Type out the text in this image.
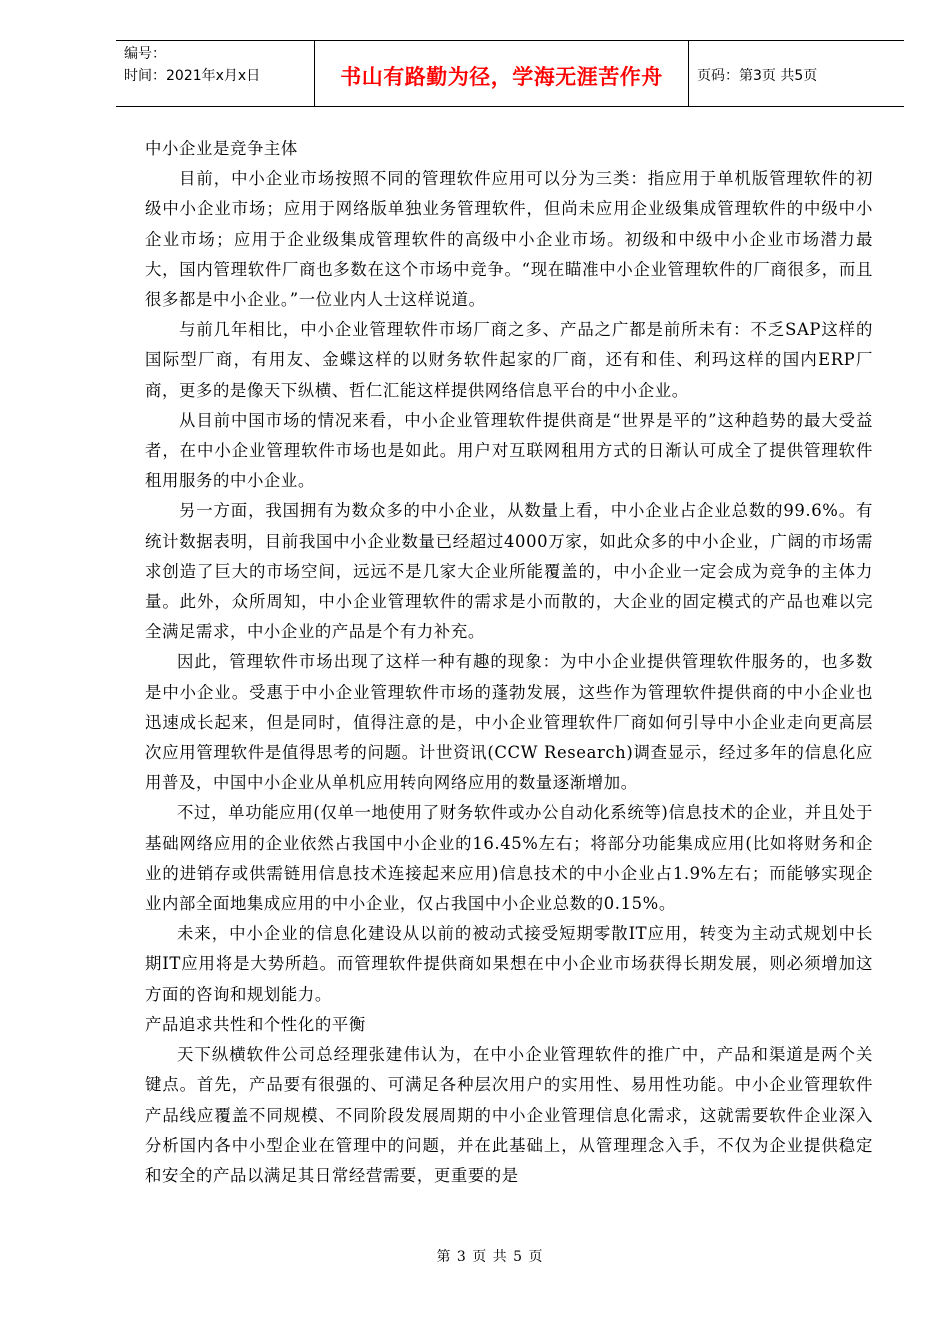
编号：
时间：2021年x月x日	书山有路勤为径，学海无涯苦作舟	页码：第3页 共5页

中小企业是竞争主体

目前，中小企业市场按照不同的管理软件应用可以分为三类：指应用于单机版管理软件的初级中小企业市场；应用于网络版单独业务管理软件，但尚未应用企业级集成管理软件的中级中小企业市场；应用于企业级集成管理软件的高级中小企业市场。初级和中级中小企业市场潜力最大，国内管理软件厂商也多数在这个市场中竞争。“现在瞄准中小企业管理软件的厂商很多，而且很多都是中小企业。”一位业内人士这样说道。

与前几年相比，中小企业管理软件市场厂商之多、产品之广都是前所未有：不乏SAP这样的国际型厂商，有用友、金蝶这样的以财务软件起家的厂商，还有和佳、利玛这样的国内ERP厂商，更多的是像天下纵横、哲仁汇能这样提供网络信息平台的中小企业。

从目前中国市场的情况来看，中小企业管理软件提供商是“世界是平的”这种趋势的最大受益者，在中小企业管理软件市场也是如此。用户对互联网租用方式的日渐认可成全了提供管理软件租用服务的中小企业。

另一方面，我国拥有为数众多的中小企业，从数量上看，中小企业占企业总数的99.6%。有统计数据表明，目前我国中小企业数量已经超过4000万家，如此众多的中小企业，广阔的市场需求创造了巨大的市场空间，远远不是几家大企业所能覆盖的，中小企业一定会成为竞争的主体力量。此外，众所周知，中小企业管理软件的需求是小而散的，大企业的固定模式的产品也难以完全满足需求，中小企业的产品是个有力补充。

因此，管理软件市场出现了这样一种有趣的现象：为中小企业提供管理软件服务的，也多数是中小企业。受惠于中小企业管理软件市场的蓬勃发展，这些作为管理软件提供商的中小企业也迅速成长起来，但是同时，值得注意的是，中小企业管理软件厂商如何引导中小企业走向更高层次应用管理软件是值得思考的问题。计世资讯(CCW Research)调查显示，经过多年的信息化应用普及，中国中小企业从单机应用转向网络应用的数量逐渐增加。

不过，单功能应用(仅单一地使用了财务软件或办公自动化系统等)信息技术的企业，并且处于基础网络应用的企业依然占我国中小企业的16.45%左右；将部分功能集成应用(比如将财务和企业的进销存或供需链用信息技术连接起来应用)信息技术的中小企业占1.9%左右；而能够实现企业内部全面地集成应用的中小企业，仅占我国中小企业总数的0.15%。

未来，中小企业的信息化建设从以前的被动式接受短期零散IT应用，转变为主动式规划中长期IT应用将是大势所趋。而管理软件提供商如果想在中小企业市场获得长期发展，则必须增加这方面的咨询和规划能力。

产品追求共性和个性化的平衡

天下纵横软件公司总经理张建伟认为，在中小企业管理软件的推广中，产品和渠道是两个关键点。首先，产品要有很强的、可满足各种层次用户的实用性、易用性功能。中小企业管理软件产品线应覆盖不同规模、不同阶段发展周期的中小企业管理信息化需求，这就需要软件企业深入分析国内各中小型企业在管理中的问题，并在此基础上，从管理理念入手，不仅为企业提供稳定和安全的产品以满足其日常经营需要，更重要的是

第 3 页 共 5 页
